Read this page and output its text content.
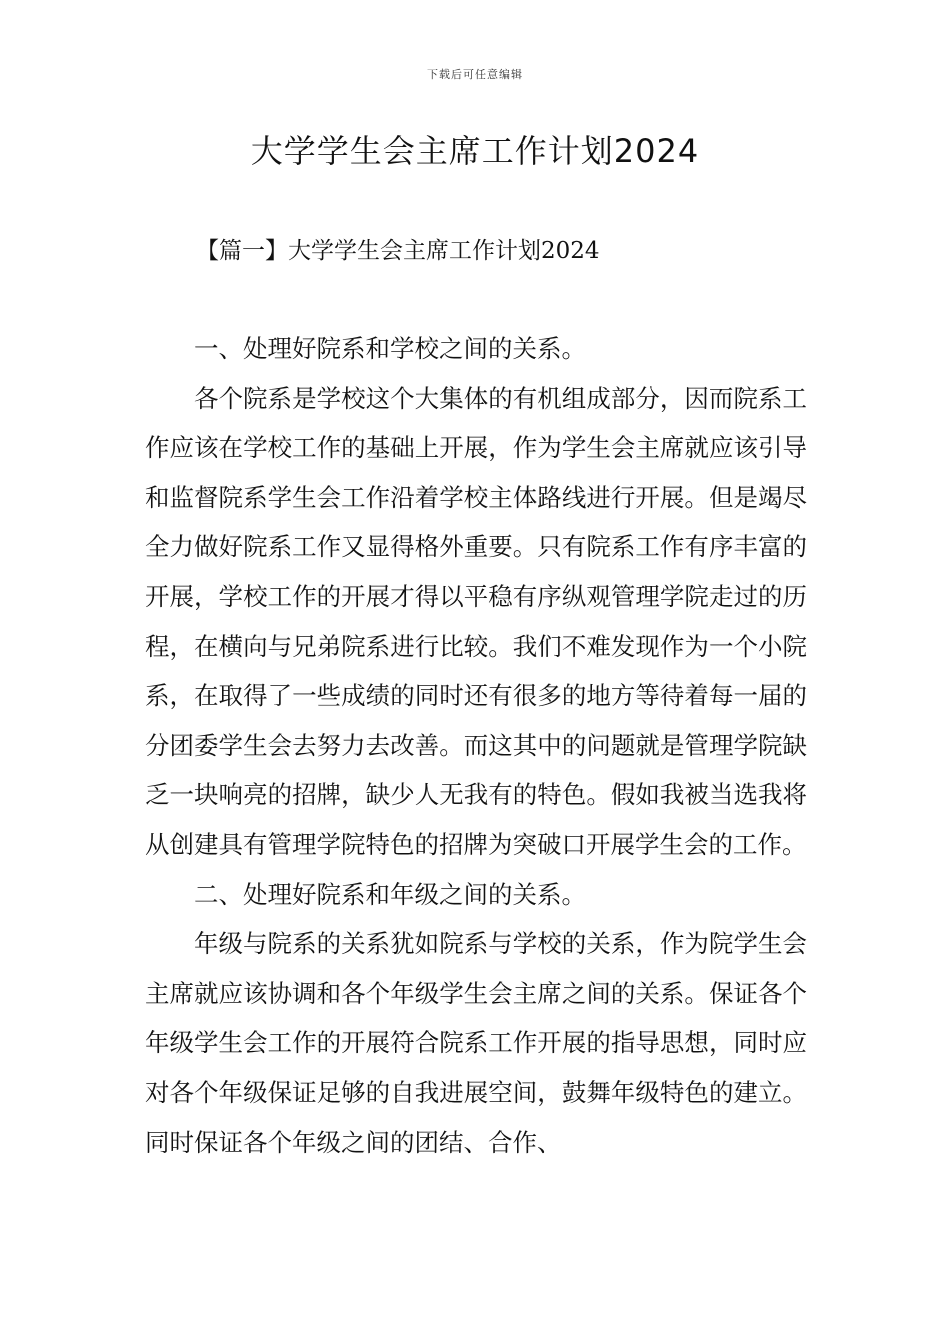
下载后可任意编辑
大学学生会主席工作计划2024
【篇一】大学学生会主席工作计划2024

一、处理好院系和学校之间的关系。

各个院系是学校这个大集体的有机组成部分，因而院系工作应该在学校工作的基础上开展，作为学生会主席就应该引导和监督院系学生会工作沿着学校主体路线进行开展。但是竭尽全力做好院系工作又显得格外重要。只有院系工作有序丰富的开展，学校工作的开展才得以平稳有序纵观管理学院走过的历程，在横向与兄弟院系进行比较。我们不难发现作为一个小院系，在取得了一些成绩的同时还有很多的地方等待着每一届的分团委学生会去努力去改善。而这其中的问题就是管理学院缺乏一块响亮的招牌，缺少人无我有的特色。假如我被当选我将从创建具有管理学院特色的招牌为突破口开展学生会的工作。

二、处理好院系和年级之间的关系。

年级与院系的关系犹如院系与学校的关系，作为院学生会主席就应该协调和各个年级学生会主席之间的关系。保证各个年级学生会工作的开展符合院系工作开展的指导思想，同时应对各个年级保证足够的自我进展空间，鼓舞年级特色的建立。同时保证各个年级之间的团结、合作、
